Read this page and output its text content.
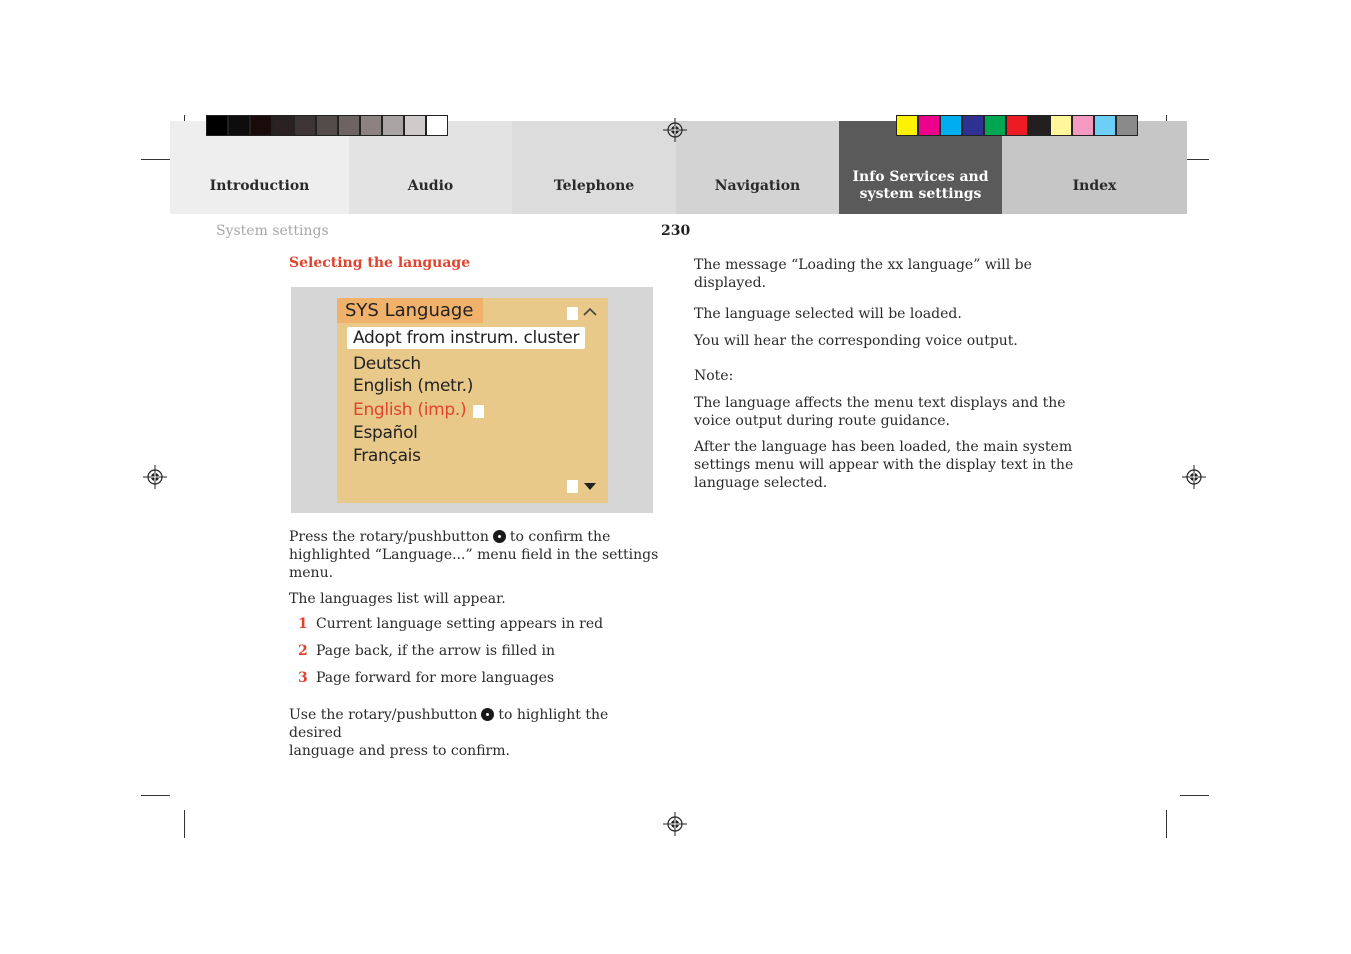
Introduction	Audio	Telephone	Navigation
Info Services and
system settings	Index
System settings	230
Selecting the language
SYS Language
Adopt from instrum. cluster
Deutsch
English (metr.)
English (imp.)
Español
Français
Press the rotary/pushbutton to confirm the
highlighted “Language...” menu field in the settings
menu.
The languages list will appear.
1 Current language setting appears in red
2 Page back, if the arrow is filled in
3 Page forward for more languages
Use the rotary/pushbutton to highlight the desired
language and press to confirm.
The message “Loading the xx language” will be
displayed.
The language selected will be loaded.
You will hear the corresponding voice output.
Note:
The language affects the menu text displays and the
voice output during route guidance.
After the language has been loaded, the main system
settings menu will appear with the display text in the
language selected.
